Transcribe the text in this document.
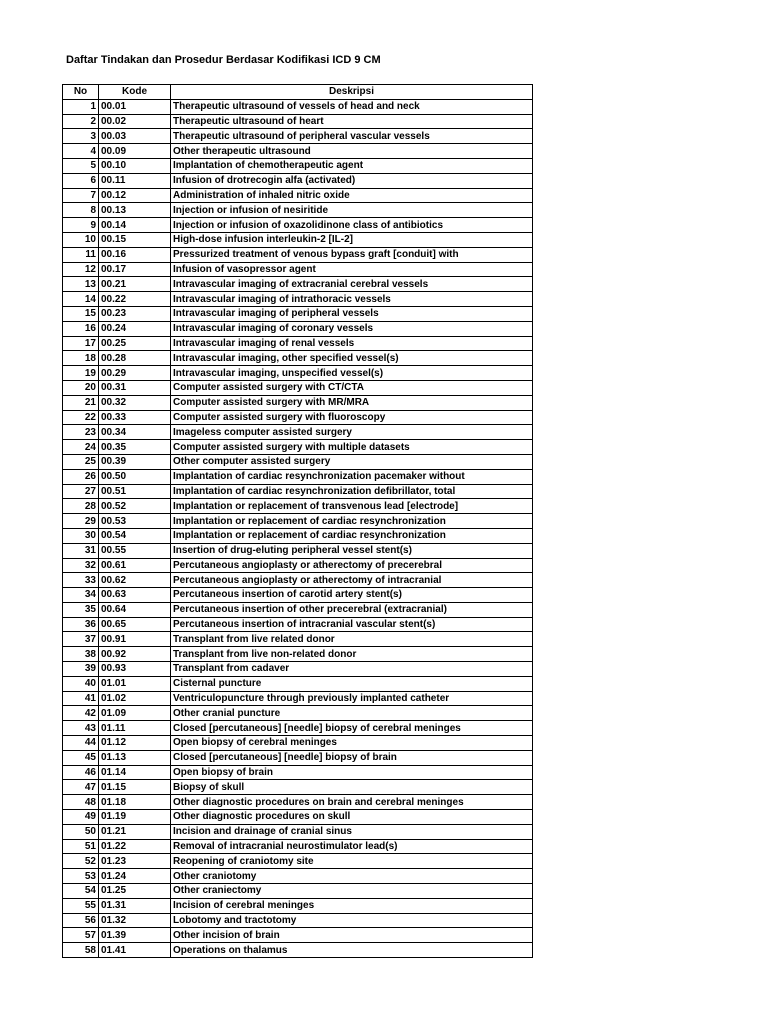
Daftar Tindakan dan Prosedur Berdasar Kodifikasi ICD 9 CM
No	Kode	Deskripsi
1	00.01	Therapeutic ultrasound of vessels of head and neck
2	00.02	Therapeutic ultrasound of heart
3	00.03	Therapeutic ultrasound of peripheral vascular vessels
4	00.09	Other therapeutic ultrasound
5	00.10	Implantation of chemotherapeutic agent
6	00.11	Infusion of drotrecogin alfa (activated)
7	00.12	Administration of inhaled nitric oxide
8	00.13	Injection or infusion of nesiritide
9	00.14	Injection or infusion of oxazolidinone class of antibiotics
10	00.15	High-dose infusion interleukin-2 [IL-2]
11	00.16	Pressurized treatment of venous bypass graft [conduit] with
12	00.17	Infusion of vasopressor agent
13	00.21	Intravascular imaging of extracranial cerebral vessels
14	00.22	Intravascular imaging of intrathoracic vessels
15	00.23	Intravascular imaging of peripheral vessels
16	00.24	Intravascular imaging of coronary vessels
17	00.25	Intravascular imaging of renal vessels
18	00.28	Intravascular imaging, other specified vessel(s)
19	00.29	Intravascular imaging, unspecified vessel(s)
20	00.31	Computer assisted surgery with CT/CTA
21	00.32	Computer assisted surgery with MR/MRA
22	00.33	Computer assisted surgery with fluoroscopy
23	00.34	Imageless computer assisted surgery
24	00.35	Computer assisted surgery with multiple datasets
25	00.39	Other computer assisted surgery
26	00.50	Implantation of cardiac resynchronization pacemaker without
27	00.51	Implantation of cardiac resynchronization defibrillator, total
28	00.52	Implantation or replacement of transvenous lead [electrode]
29	00.53	Implantation or replacement of cardiac resynchronization
30	00.54	Implantation or replacement of cardiac resynchronization
31	00.55	Insertion of drug-eluting peripheral vessel stent(s)
32	00.61	Percutaneous angioplasty or atherectomy of precerebral
33	00.62	Percutaneous angioplasty or atherectomy of intracranial
34	00.63	Percutaneous insertion of carotid artery stent(s)
35	00.64	Percutaneous insertion of other precerebral (extracranial)
36	00.65	Percutaneous insertion of intracranial vascular stent(s)
37	00.91	Transplant from live related donor
38	00.92	Transplant from live non-related donor
39	00.93	Transplant from cadaver
40	01.01	Cisternal puncture
41	01.02	Ventriculopuncture through previously implanted catheter
42	01.09	Other cranial puncture
43	01.11	Closed [percutaneous] [needle] biopsy of cerebral meninges
44	01.12	Open biopsy of cerebral meninges
45	01.13	Closed [percutaneous] [needle] biopsy of brain
46	01.14	Open biopsy of brain
47	01.15	Biopsy of skull
48	01.18	Other diagnostic procedures on brain and cerebral meninges
49	01.19	Other diagnostic procedures on skull
50	01.21	Incision and drainage of cranial sinus
51	01.22	Removal of intracranial neurostimulator lead(s)
52	01.23	Reopening of craniotomy site
53	01.24	Other craniotomy
54	01.25	Other craniectomy
55	01.31	Incision of cerebral meninges
56	01.32	Lobotomy and tractotomy
57	01.39	Other incision of brain
58	01.41	Operations on thalamus
